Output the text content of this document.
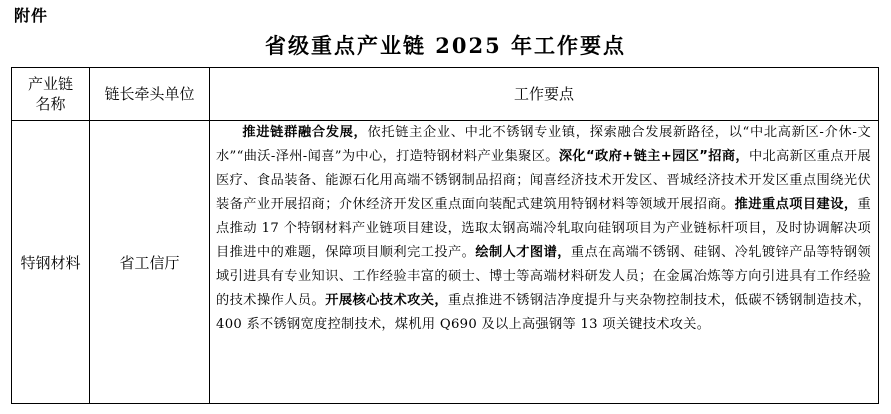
附件
省级重点产业链 2025 年工作要点
产业链
名称	链长牵头单位	工作要点
特钢材料	省工信厅	推进链群融合发展，依托链主企业、中北不锈钢专业镇，探索融合发展新路径，以“中北高新区-介休-文水”“曲沃-泽州-闻喜”为中心，打造特钢材料产业集聚区。深化“政府+链主+园区”招商，中北高新区重点开展医疗、食品装备、能源石化用高端不锈钢制品招商；闻喜经济技术开发区、晋城经济技术开发区重点围绕光伏装备产业开展招商；介休经济开发区重点面向装配式建筑用特钢材料等领域开展招商。推进重点项目建设，重点推动 17 个特钢材料产业链项目建设，选取太钢高端冷轧取向硅钢项目为产业链标杆项目，及时协调解决项目推进中的难题，保障项目顺利完工投产。绘制人才图谱，重点在高端不锈钢、硅钢、冷轧镀锌产品等特钢领域引进具有专业知识、工作经验丰富的硕士、博士等高端材料研发人员；在金属冶炼等方向引进具有工作经验的技术操作人员。开展核心技术攻关，重点推进不锈钢洁净度提升与夹杂物控制技术，低碳不锈钢制造技术，400 系不锈钢宽度控制技术，煤机用 Q690 及以上高强钢等 13 项关键技术攻关。
